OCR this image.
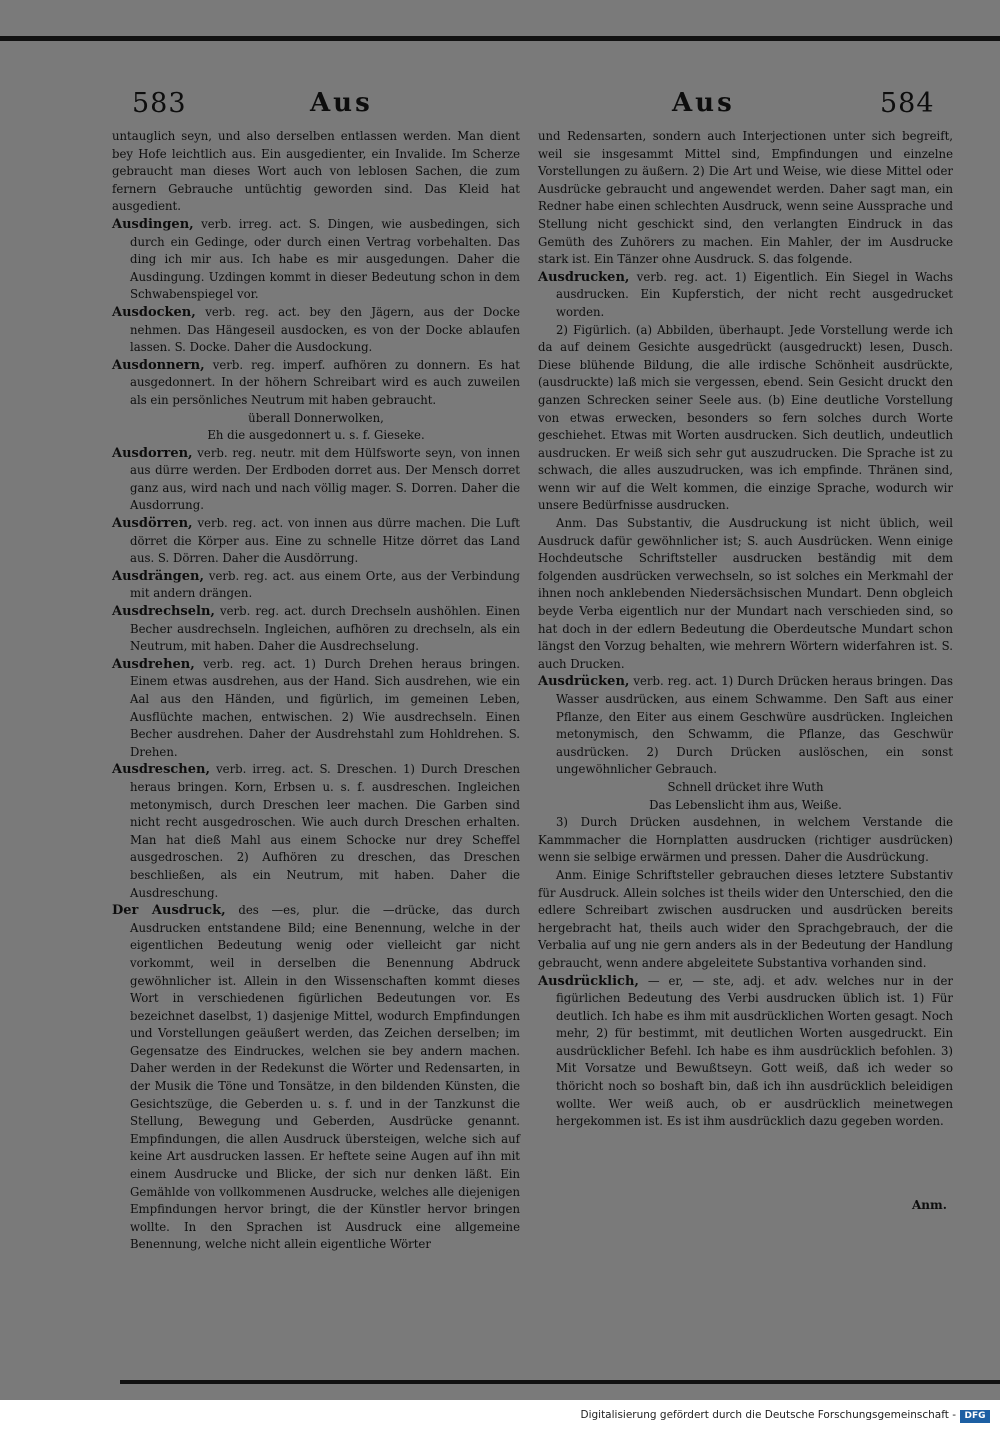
583	Aus	Aus	584

untauglich seyn, und also derselben entlassen werden. Man dient bey Hofe leichtlich aus. Ein ausgedienter, ein Invalide. Im Scherze gebraucht man dieses Wort auch von leblosen Sachen, die zum fernern Gebrauche untüchtig geworden sind. Das Kleid hat ausgedient.

Ausdingen, verb. irreg. act. S. Dingen, wie ausbedingen, sich durch ein Gedinge, oder durch einen Vertrag vorbehalten. Das ding ich mir aus. Ich habe es mir ausgedungen. Daher die Ausdingung. Uzdingen kommt in dieser Bedeutung schon in dem Schwabenspiegel vor.

Ausdocken, verb. reg. act. bey den Jägern, aus der Docke nehmen. Das Hängeseil ausdocken, es von der Docke ablaufen lassen. S. Docke. Daher die Ausdockung.

Ausdonnern, verb. reg. imperf. aufhören zu donnern. Es hat ausgedonnert. In der höhern Schreibart wird es auch zuweilen als ein persönliches Neutrum mit haben gebraucht.

überall Donnerwolken,

Eh die ausgedonnert u. s. f. Gieseke.

Ausdorren, verb. reg. neutr. mit dem Hülfsworte seyn, von innen aus dürre werden. Der Erdboden dorret aus. Der Mensch dorret ganz aus, wird nach und nach völlig mager. S. Dorren. Daher die Ausdorrung.

Ausdörren, verb. reg. act. von innen aus dürre machen. Die Luft dörret die Körper aus. Eine zu schnelle Hitze dörret das Land aus. S. Dörren. Daher die Ausdörrung.

Ausdrängen, verb. reg. act. aus einem Orte, aus der Verbindung mit andern drängen.

Ausdrechseln, verb. reg. act. durch Drechseln aushöhlen. Einen Becher ausdrechseln. Ingleichen, aufhören zu drechseln, als ein Neutrum, mit haben. Daher die Ausdrechselung.

Ausdrehen, verb. reg. act. 1) Durch Drehen heraus bringen. Einem etwas ausdrehen, aus der Hand. Sich ausdrehen, wie ein Aal aus den Händen, und figürlich, im gemeinen Leben, Ausflüchte machen, entwischen. 2) Wie ausdrechseln. Einen Becher ausdrehen. Daher der Ausdrehstahl zum Hohldrehen. S. Drehen.

Ausdreschen, verb. irreg. act. S. Dreschen. 1) Durch Dreschen heraus bringen. Korn, Erbsen u. s. f. ausdreschen. Ingleichen metonymisch, durch Dreschen leer machen. Die Garben sind nicht recht ausgedroschen. Wie auch durch Dreschen erhalten. Man hat dieß Mahl aus einem Schocke nur drey Scheffel ausgedroschen. 2) Aufhören zu dreschen, das Dreschen beschließen, als ein Neutrum, mit haben. Daher die Ausdreschung.

Der Ausdruck, des —es, plur. die —drücke, das durch Ausdrucken entstandene Bild; eine Benennung, welche in der eigentlichen Bedeutung wenig oder vielleicht gar nicht vorkommt, weil in derselben die Benennung Abdruck gewöhnlicher ist. Allein in den Wissenschaften kommt dieses Wort in verschiedenen figürlichen Bedeutungen vor. Es bezeichnet daselbst, 1) dasjenige Mittel, wodurch Empfindungen und Vorstellungen geäußert werden, das Zeichen derselben; im Gegensatze des Eindruckes, welchen sie bey andern machen. Daher werden in der Redekunst die Wörter und Redensarten, in der Musik die Töne und Tonsätze, in den bildenden Künsten, die Gesichtszüge, die Geberden u. s. f. und in der Tanzkunst die Stellung, Bewegung und Geberden, Ausdrücke genannt. Empfindungen, die allen Ausdruck übersteigen, welche sich auf keine Art ausdrucken lassen. Er heftete seine Augen auf ihn mit einem Ausdrucke und Blicke, der sich nur denken läßt. Ein Gemählde von vollkommenen Ausdrucke, welches alle diejenigen Empfindungen hervor bringt, die der Künstler hervor bringen wollte. In den Sprachen ist Ausdruck eine allgemeine Benennung, welche nicht allein eigentliche Wörter

und Redensarten, sondern auch Interjectionen unter sich begreift, weil sie insgesammt Mittel sind, Empfindungen und einzelne Vorstellungen zu äußern. 2) Die Art und Weise, wie diese Mittel oder Ausdrücke gebraucht und angewendet werden. Daher sagt man, ein Redner habe einen schlechten Ausdruck, wenn seine Aussprache und Stellung nicht geschickt sind, den verlangten Eindruck in das Gemüth des Zuhörers zu machen. Ein Mahler, der im Ausdrucke stark ist. Ein Tänzer ohne Ausdruck. S. das folgende.

Ausdrucken, verb. reg. act. 1) Eigentlich. Ein Siegel in Wachs ausdrucken. Ein Kupferstich, der nicht recht ausgedrucket worden.

2) Figürlich. (a) Abbilden, überhaupt. Jede Vorstellung werde ich da auf deinem Gesichte ausgedrückt (ausgedruckt) lesen, Dusch. Diese blühende Bildung, die alle irdische Schönheit ausdrückte, (ausdruckte) laß mich sie vergessen, ebend. Sein Gesicht druckt den ganzen Schrecken seiner Seele aus. (b) Eine deutliche Vorstellung von etwas erwecken, besonders so fern solches durch Worte geschiehet. Etwas mit Worten ausdrucken. Sich deutlich, undeutlich ausdrucken. Er weiß sich sehr gut auszudrucken. Die Sprache ist zu schwach, die alles auszudrucken, was ich empfinde. Thränen sind, wenn wir auf die Welt kommen, die einzige Sprache, wodurch wir unsere Bedürfnisse ausdrucken.

Anm. Das Substantiv, die Ausdruckung ist nicht üblich, weil Ausdruck dafür gewöhnlicher ist; S. auch Ausdrücken. Wenn einige Hochdeutsche Schriftsteller ausdrucken beständig mit dem folgenden ausdrücken verwechseln, so ist solches ein Merkmahl der ihnen noch anklebenden Niedersächsischen Mundart. Denn obgleich beyde Verba eigentlich nur der Mundart nach verschieden sind, so hat doch in der edlern Bedeutung die Oberdeutsche Mundart schon längst den Vorzug behalten, wie mehrern Wörtern widerfahren ist. S. auch Drucken.

Ausdrücken, verb. reg. act. 1) Durch Drücken heraus bringen. Das Wasser ausdrücken, aus einem Schwamme. Den Saft aus einer Pflanze, den Eiter aus einem Geschwüre ausdrücken. Ingleichen metonymisch, den Schwamm, die Pflanze, das Geschwür ausdrücken. 2) Durch Drücken auslöschen, ein sonst ungewöhnlicher Gebrauch.

Schnell drücket ihre Wuth

Das Lebenslicht ihm aus, Weiße.

3) Durch Drücken ausdehnen, in welchem Verstande die Kammmacher die Hornplatten ausdrucken (richtiger ausdrücken) wenn sie selbige erwärmen und pressen. Daher die Ausdrückung.

Anm. Einige Schriftsteller gebrauchen dieses letztere Substantiv für Ausdruck. Allein solches ist theils wider den Unterschied, den die edlere Schreibart zwischen ausdrucken und ausdrücken bereits hergebracht hat, theils auch wider den Sprachgebrauch, der die Verbalia auf ung nie gern anders als in der Bedeutung der Handlung gebraucht, wenn andere abgeleitete Substantiva vorhanden sind.

Ausdrücklich, — er, — ste, adj. et adv. welches nur in der figürlichen Bedeutung des Verbi ausdrucken üblich ist. 1) Für deutlich. Ich habe es ihm mit ausdrücklichen Worten gesagt. Noch mehr, 2) für bestimmt, mit deutlichen Worten ausgedruckt. Ein ausdrücklicher Befehl. Ich habe es ihm ausdrücklich befohlen. 3) Mit Vorsatze und Bewußtseyn. Gott weiß, daß ich weder so thöricht noch so boshaft bin, daß ich ihn ausdrücklich beleidigen wollte. Wer weiß auch, ob er ausdrücklich meinetwegen hergekommen ist. Es ist ihm ausdrücklich dazu gegeben worden.

Anm.
Digitalisierung gefördert durch die Deutsche Forschungsgemeinschaft - DFG
